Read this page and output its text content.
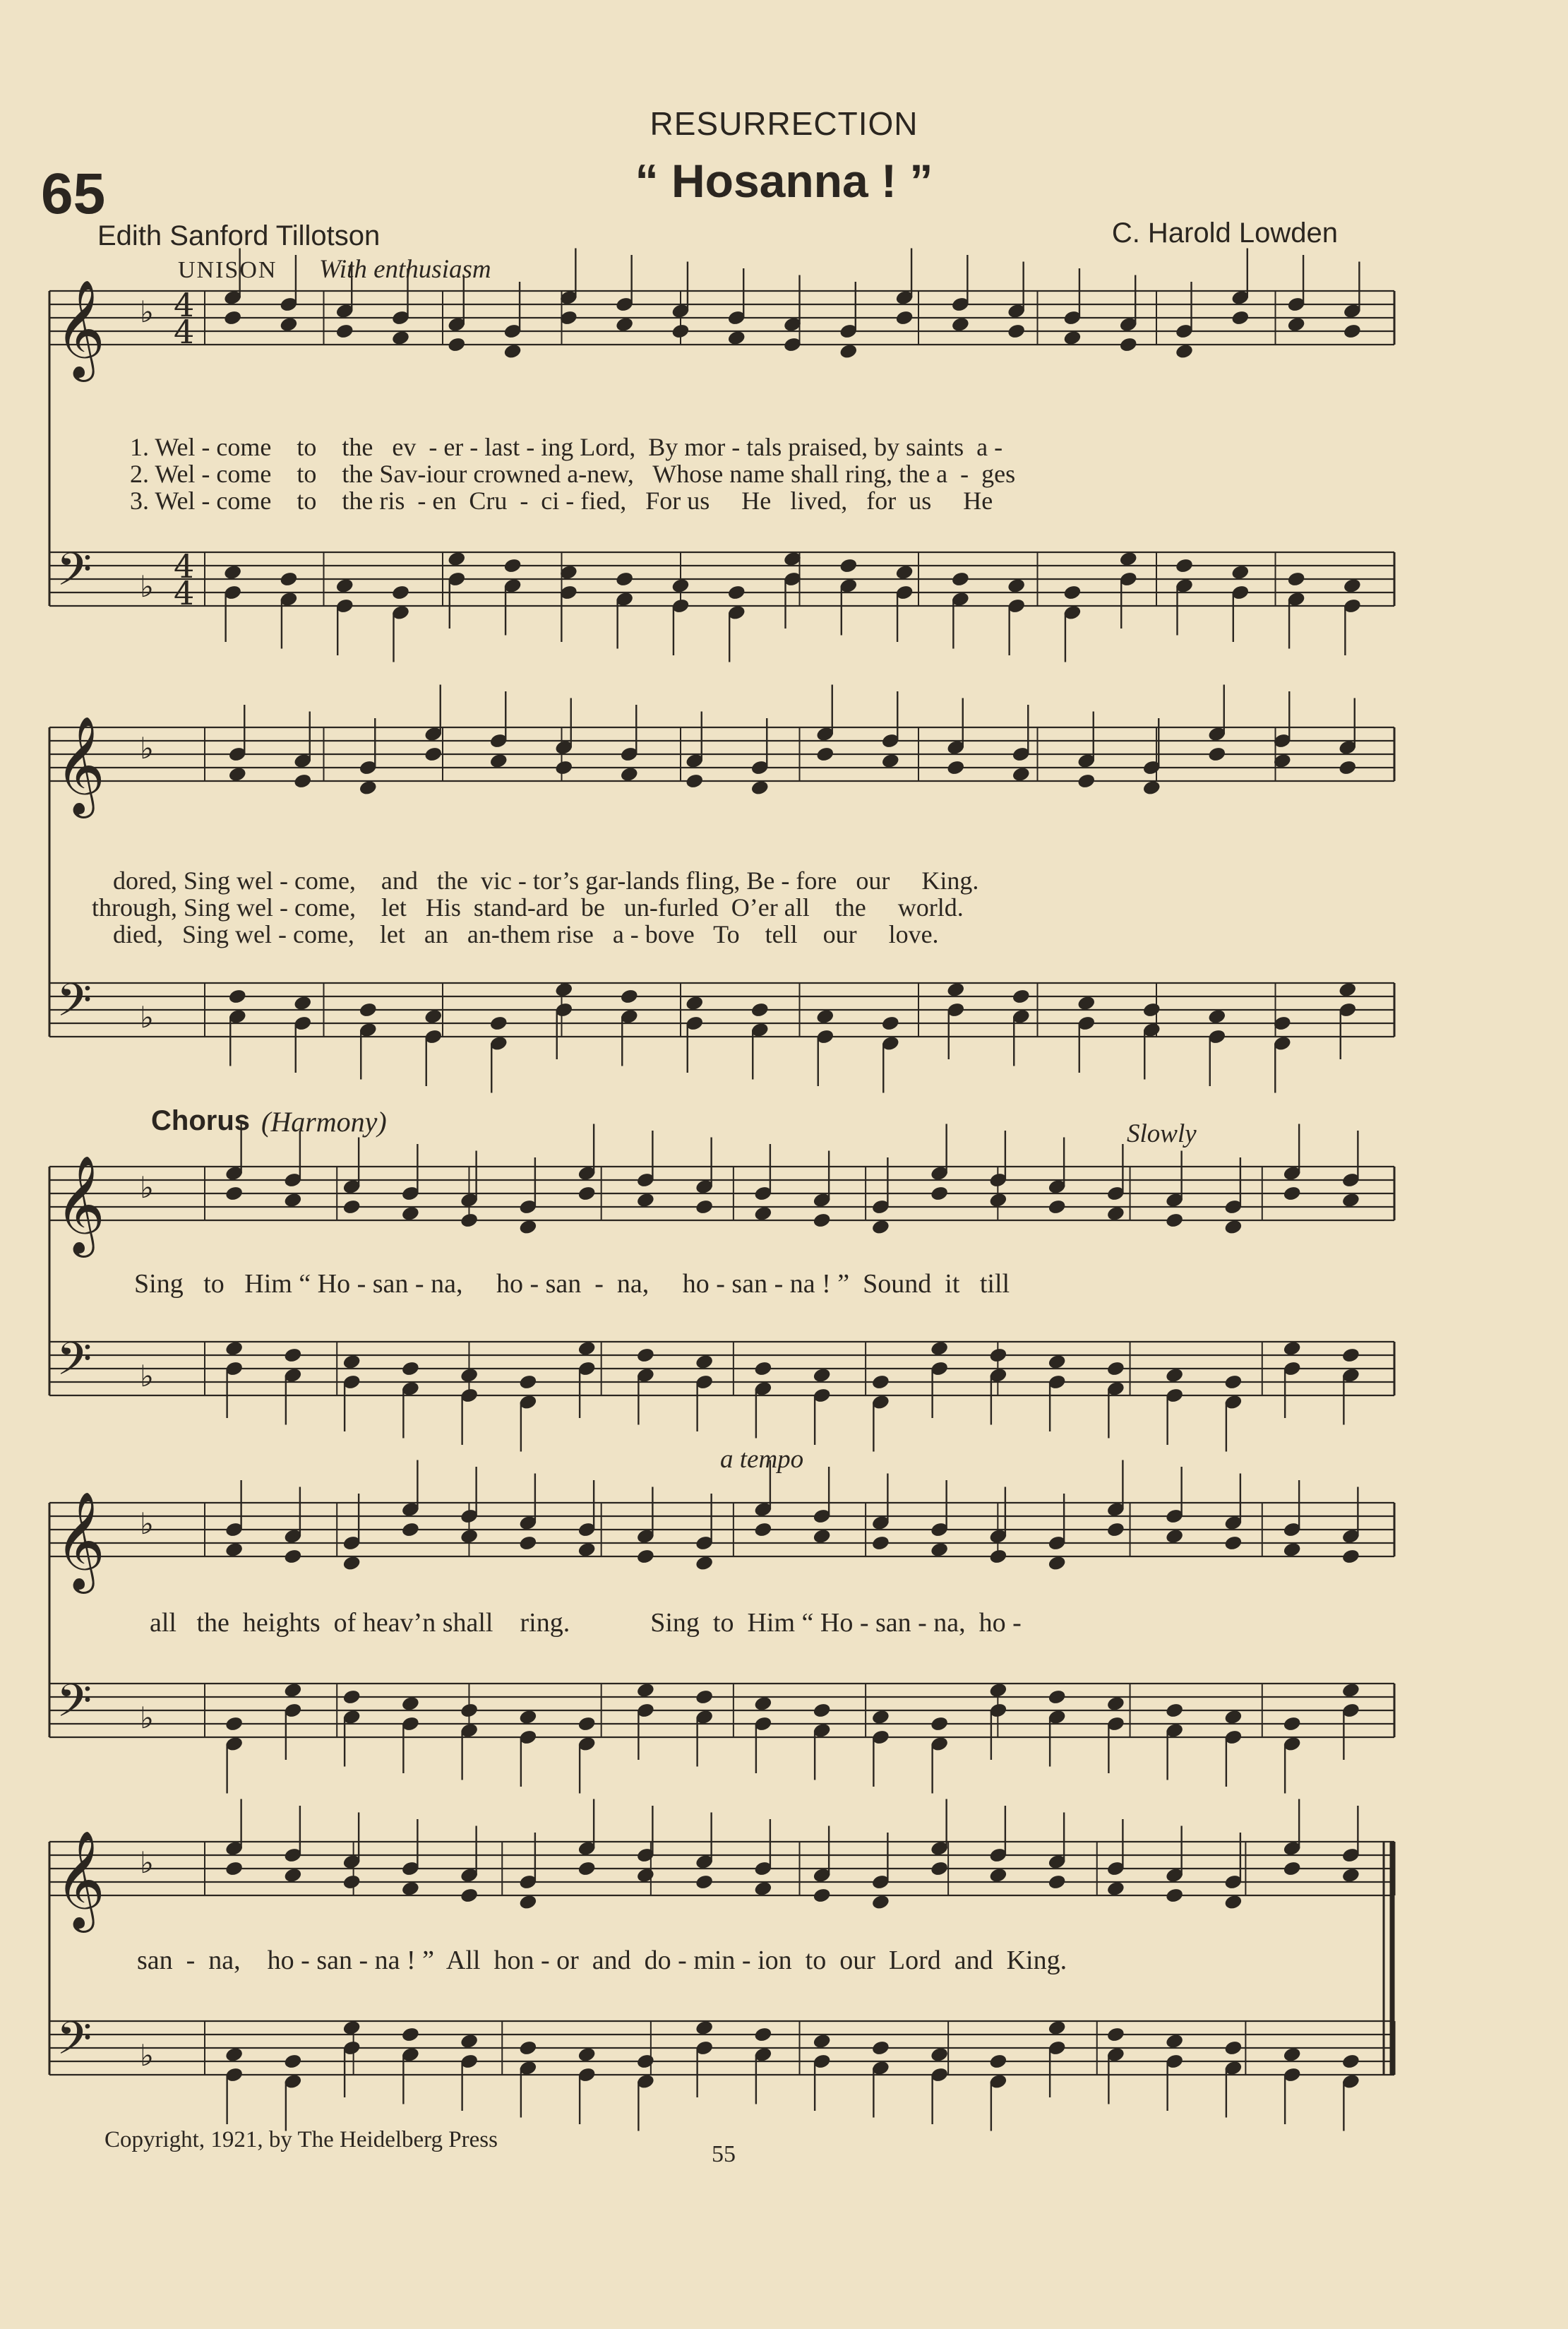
RESURRECTION
65	“ Hosanna ! ”
Edith Sanford Tillotson	C. Harold Lowden
UNISON With enthusiasm
Chorus (Harmony)	Slowly
a tempo
1. Wel - come    to    the   ev  - er - last - ing Lord,  By mor - tals praised, by saints  a -
2. Wel - come    to    the Sav-iour crowned a-new,   Whose name shall ring, the a  -  ges
3. Wel - come    to    the ris  - en  Cru  -  ci - fied,   For us     He   lived,   for  us     He
dored, Sing wel - come,    and   the  vic - tor’s gar-lands fling, Be - fore   our     King.
through, Sing wel - come,    let   His  stand-ard  be   un-furled  O’er all    the     world.
died,   Sing wel - come,    let   an   an-them rise   a - bove   To    tell    our     love.
Sing   to   Him “ Ho - san - na,     ho - san  -  na,     ho - san - na ! ”  Sound  it   till
all   the  heights  of heav’n shall    ring.            Sing  to  Him “ Ho - san - na,  ho -
san  -  na,    ho - san - na ! ”  All  hon - or  and  do - min - ion  to  our  Lord  and  King.
𝄞
𝄢
♭
♭
4
4
4
4
𝄞
𝄢
♭
♭
𝄞
𝄢
♭
♭
𝄞
𝄢
♭
♭
𝄞
𝄢
♭
♭
Copyright, 1921, by The Heidelberg Press
55
